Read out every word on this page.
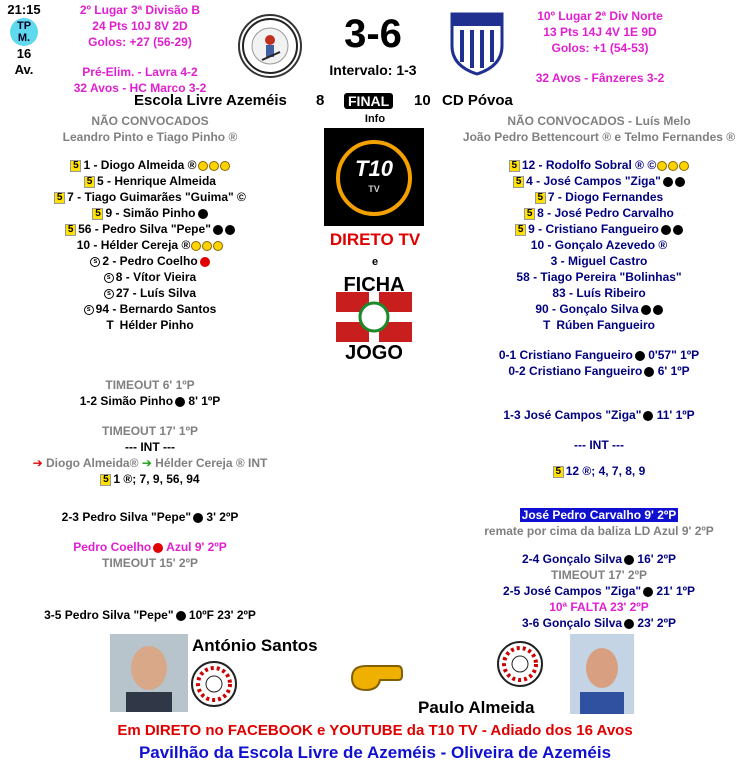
21:15
TP M.
16
Av.
2º Lugar 3ª Divisão B
24 Pts 10J 8V 2D
Golos: +27 (56-29)
Pré-Elim. - Lavra 4-2
32 Avos - HC Marco 3-2
3-6
Intervalo: 1-3
10º Lugar 2ª Div Norte
13 Pts 14J 4V 1E 9D
Golos: +1 (54-53)
32 Avos - Fânzeres 3-2
Escola Livre Azeméis 8 FINAL 10 CD Póvoa
NÃO CONVOCADOS
Leandro Pinto e Tiago Pinho ®
5 1 - Diogo Almeida ®
5 5 - Henrique Almeida
5 7 - Tiago Guimarães "Guima" ©
5 9 - Simão Pinho
5 56 - Pedro Silva "Pepe"
10 - Hélder Cereja ®
s 2 - Pedro Coelho
s 8 - Vítor Vieira
s 27 - Luís Silva
s 94 - Bernardo Santos
T Hélder Pinho
TIMEOUT 6' 1ºP
1-2 Simão Pinho 8' 1ºP
TIMEOUT 17' 1ºP
--- INT ---
➔ Diogo Almeida® ➔ Hélder Cereja ® INT
5 1 ®; 7, 9, 56, 94
2-3 Pedro Silva "Pepe" 3' 2ºP
Pedro Coelho Azul 9' 2ºP
TIMEOUT 15' 2ºP
3-5 Pedro Silva "Pepe" 10ºF 23' 2ºP
Info
T10
TV
DIRETO TV
e
FICHA
JOGO
NÃO CONVOCADOS - Luís Melo
João Pedro Bettencourt ® e Telmo Fernandes ®
5 12 - Rodolfo Sobral ® ©
5 4 - José Campos "Ziga"
5 7 - Diogo Fernandes
5 8 - José Pedro Carvalho
5 9 - Cristiano Fangueiro
10 - Gonçalo Azevedo ®
3 - Miguel Castro
58 - Tiago Pereira "Bolinhas"
83 - Luís Ribeiro
90 - Gonçalo Silva
T Rúben Fangueiro
0-1 Cristiano Fangueiro 0'57" 1ºP
0-2 Cristiano Fangueiro 6' 1ºP
1-3 José Campos "Ziga" 11' 1ºP
--- INT ---
5 12 ®; 4, 7, 8, 9
José Pedro Carvalho 9' 2ºP
remate por cima da baliza LD Azul 9' 2ºP
2-4 Gonçalo Silva 16' 2ºP
TIMEOUT 17' 2ºP
2-5 José Campos "Ziga" 21' 1ºP
10ª FALTA 23' 2ºP
3-6 Gonçalo Silva 23' 2ºP
António Santos
Paulo Almeida
Em DIRETO no FACEBOOK e YOUTUBE da T10 TV - Adiado dos 16 Avos
Pavilhão da Escola Livre de Azeméis - Oliveira de Azeméis
